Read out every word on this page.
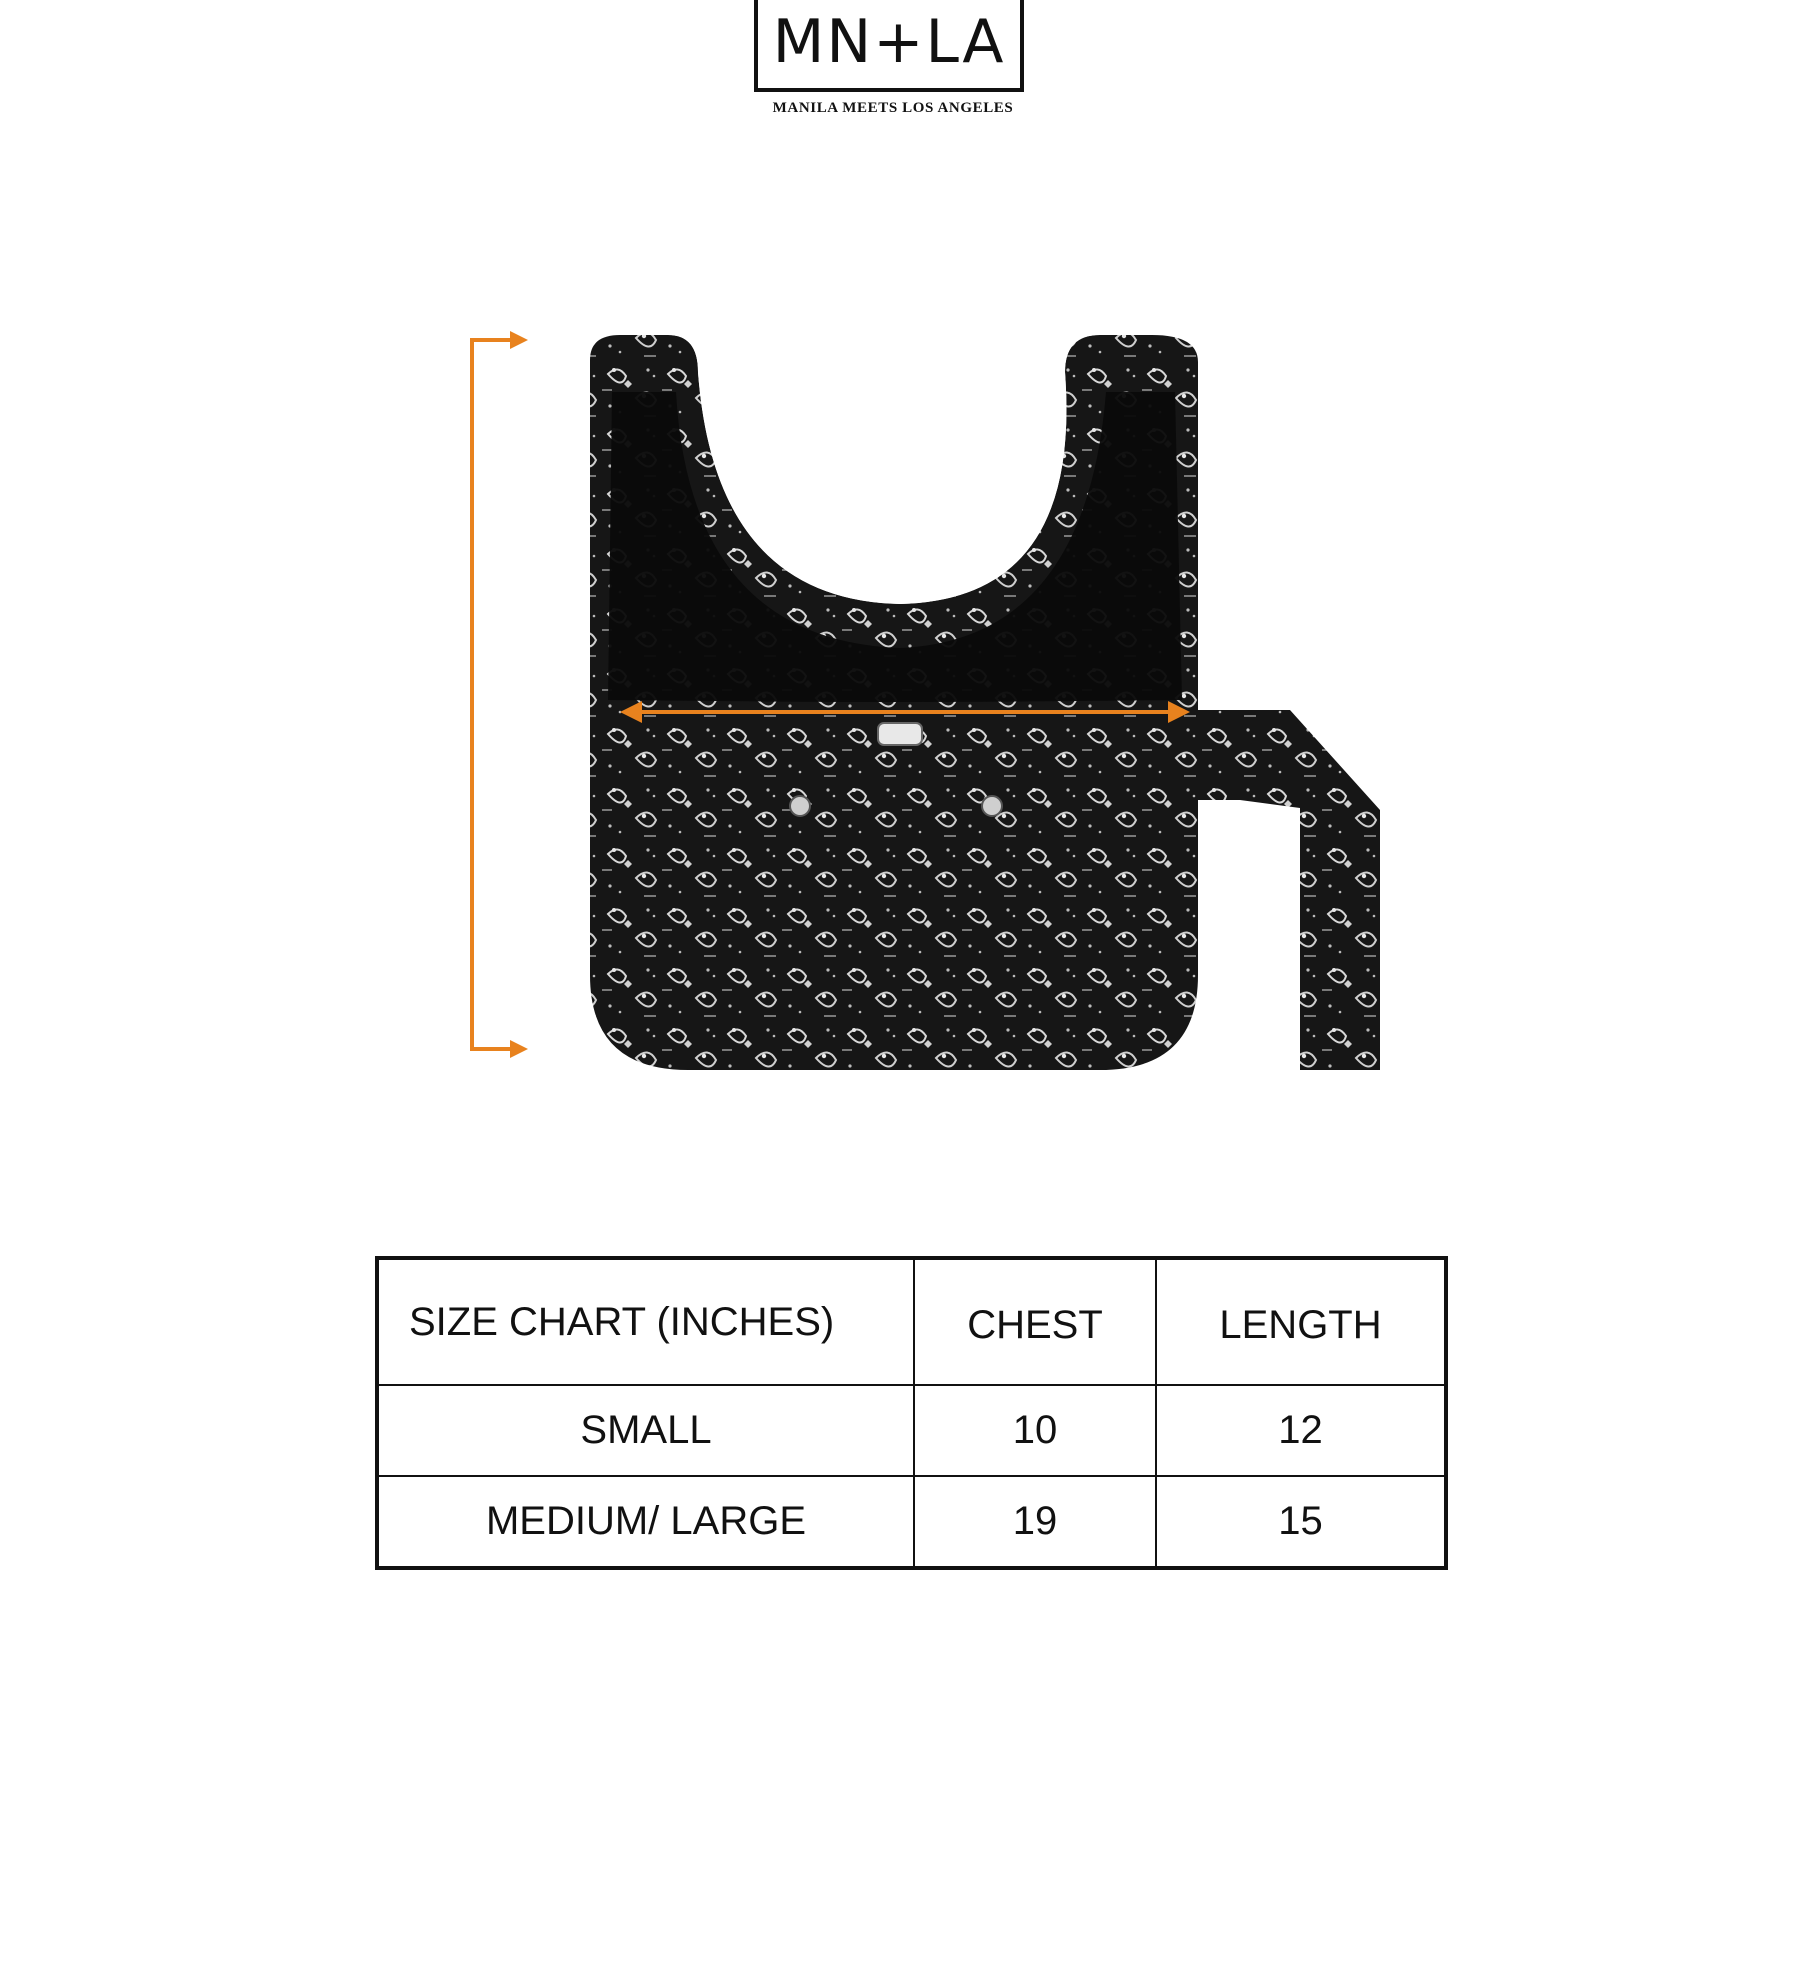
MN+LA
MANILA MEETS LOS ANGELES
SIZE CHART (INCHES)	CHEST	LENGTH
SMALL	10	12
MEDIUM/ LARGE	19	15
